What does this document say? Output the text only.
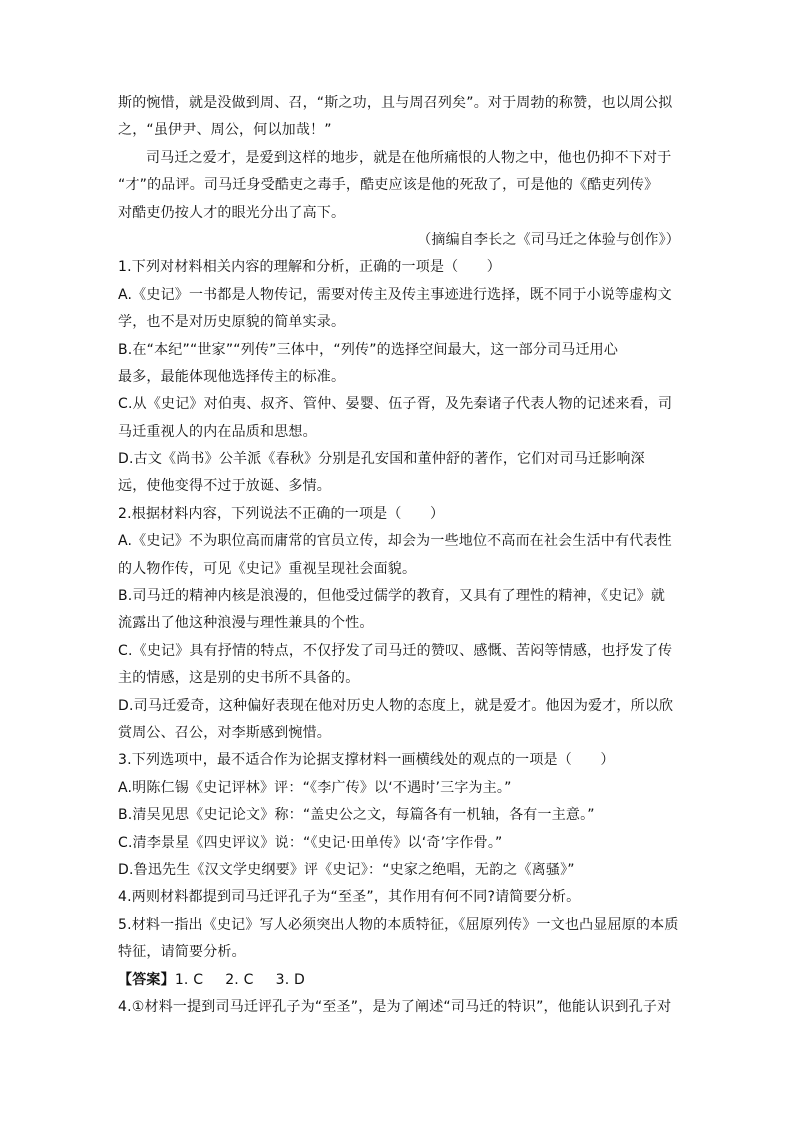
斯的惋惜，就是没做到周、召，“斯之功，且与周召列矣”。对于周勃的称赞，也以周公拟
之，“虽伊尹、周公，何以加哉！”
司马迁之爱才，是爱到这样的地步，就是在他所痛恨的人物之中，他也仍抑不下对于
“才”的品评。司马迁身受酷吏之毒手，酷吏应该是他的死敌了，可是他的《酷吏列传》
对酷吏仍按人才的眼光分出了高下。
（摘编自李长之《司马迁之体验与创作》）
1.下列对材料相关内容的理解和分析，正确的一项是（　　）
A.《史记》一书都是人物传记，需要对传主及传主事迹进行选择，既不同于小说等虚构文
学，也不是对历史原貌的简单实录。
B.在“本纪”“世家”“列传”三体中，“列传”的选择空间最大，这一部分司马迁用心
最多，最能体现他选择传主的标准。
C.从《史记》对伯夷、叔齐、管仲、晏婴、伍子胥，及先秦诸子代表人物的记述来看，司
马迁重视人的内在品质和思想。
D.古文《尚书》公羊派《春秋》分别是孔安国和董仲舒的著作，它们对司马迁影响深
远，使他变得不过于放诞、多情。
2.根据材料内容，下列说法不正确的一项是（　　）
A.《史记》不为职位高而庸常的官员立传，却会为一些地位不高而在社会生活中有代表性
的人物作传，可见《史记》重视呈现社会面貌。
B.司马迁的精神内核是浪漫的，但他受过儒学的教育，又具有了理性的精神，《史记》就
流露出了他这种浪漫与理性兼具的个性。
C.《史记》具有抒情的特点，不仅抒发了司马迁的赞叹、感慨、苦闷等情感，也抒发了传
主的情感，这是别的史书所不具备的。
D.司马迁爱奇，这种偏好表现在他对历史人物的态度上，就是爱才。他因为爱才，所以欣
赏周公、召公，对李斯感到惋惜。
3.下列选项中，最不适合作为论据支撑材料一画横线处的观点的一项是（　　）
A.明陈仁锡《史记评林》评：“《李广传》以‘不遇时’三字为主。”
B.清吴见思《史记论文》称：“盖史公之文，每篇各有一机轴，各有一主意。”
C.清李景星《四史评议》说：“《史记·田单传》以‘奇’字作骨。”
D.鲁迅先生《汉文学史纲要》评《史记》：“史家之绝唱，无韵之《离骚》”
4.两则材料都提到司马迁评孔子为“至圣”，其作用有何不同?请简要分析。
5.材料一指出《史记》写人必须突出人物的本质特征，《屈原列传》一文也凸显屈原的本质
特征，请简要分析。
【答案】1. C 2. C 3. D
4.①材料一提到司马迁评孔子为“至圣”，是为了阐述“司马迁的特识”，他能认识到孔子对
